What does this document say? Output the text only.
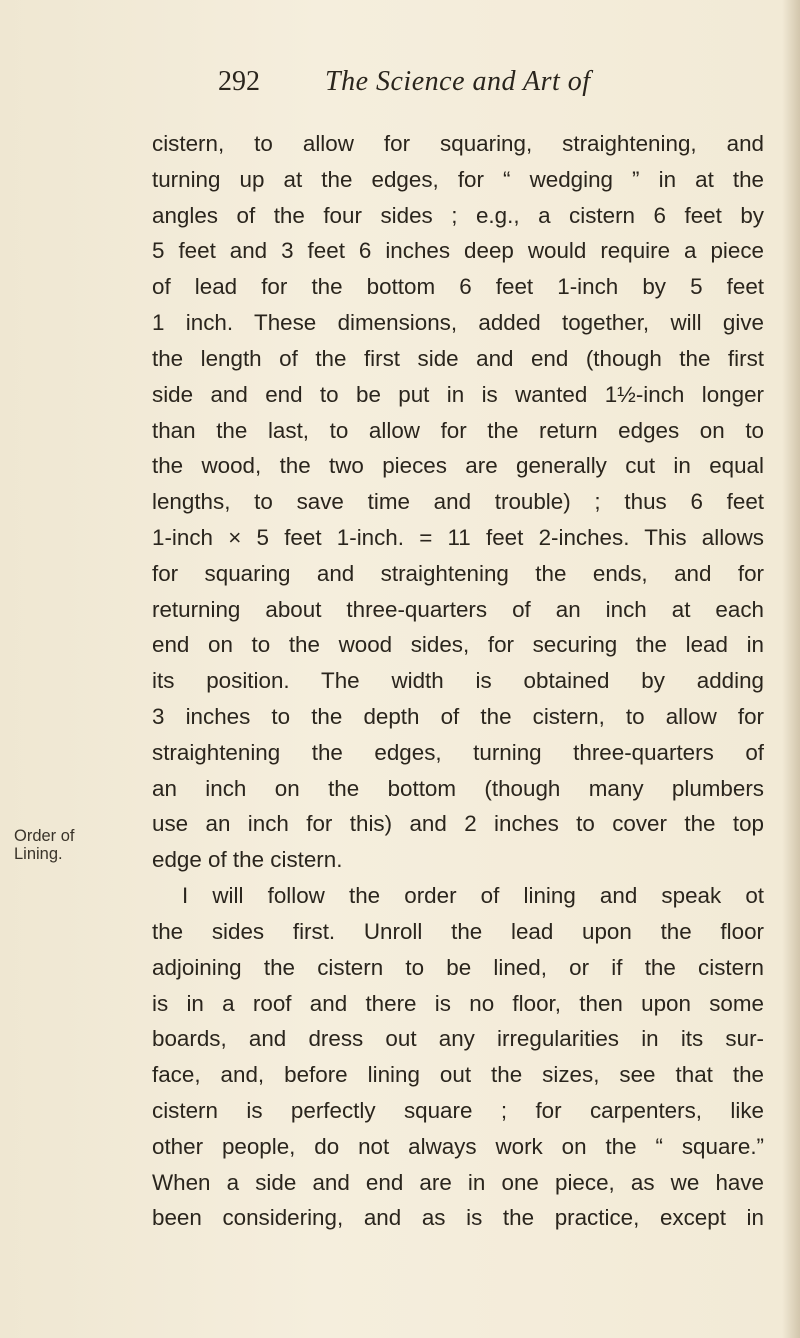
292 The Science and Art of
Order of
Lining.
cistern, to allow for squaring, straightening, and
turning up at the edges, for “ wedging ” in at the
angles of the four sides ; e.g., a cistern 6 feet by
5 feet and 3 feet 6 inches deep would require a piece
of lead for the bottom 6 feet 1-inch by 5 feet
1 inch. These dimensions, added together, will give
the length of the first side and end (though the first
side and end to be put in is wanted 1½-inch longer
than the last, to allow for the return edges on to
the wood, the two pieces are generally cut in equal
lengths, to save time and trouble) ; thus 6 feet
1-inch × 5 feet 1-inch. = 11 feet 2-inches. This allows
for squaring and straightening the ends, and for
returning about three-quarters of an inch at each
end on to the wood sides, for securing the lead in
its position. The width is obtained by adding
3 inches to the depth of the cistern, to allow for
straightening the edges, turning three-quarters of
an inch on the bottom (though many plumbers
use an inch for this) and 2 inches to cover the top
edge of the cistern.
I will follow the order of lining and speak ot
the sides first. Unroll the lead upon the floor
adjoining the cistern to be lined, or if the cistern
is in a roof and there is no floor, then upon some
boards, and dress out any irregularities in its sur-
face, and, before lining out the sizes, see that the
cistern is perfectly square ; for carpenters, like
other people, do not always work on the “ square.”
When a side and end are in one piece, as we have
been considering, and as is the practice, except in
